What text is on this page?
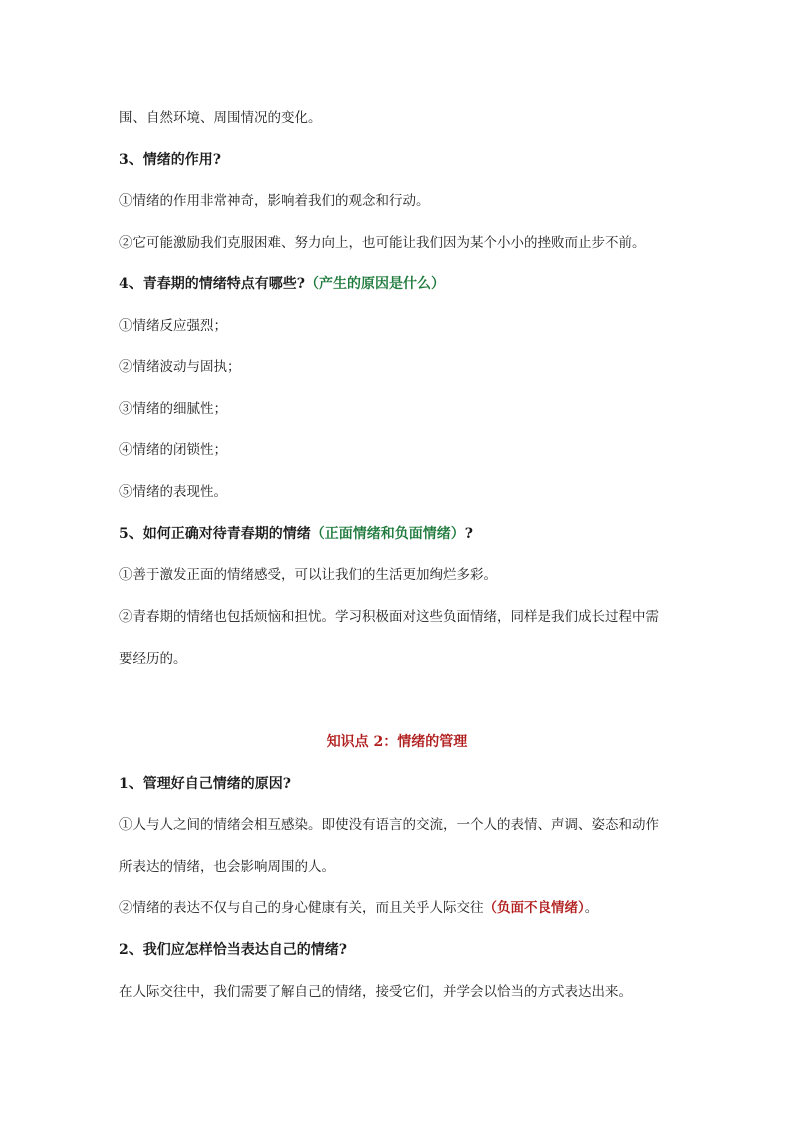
围、自然环境、周围情况的变化。
3、情绪的作用?
①情绪的作用非常神奇，影响着我们的观念和行动。
②它可能激励我们克服困难、努力向上，也可能让我们因为某个小小的挫败而止步不前。
4、青春期的情绪特点有哪些?（产生的原因是什么）
①情绪反应强烈；
②情绪波动与固执；
③情绪的细腻性；
④情绪的闭锁性；
⑤情绪的表现性。
5、如何正确对待青春期的情绪（正面情绪和负面情绪）?
①善于激发正面的情绪感受，可以让我们的生活更加绚烂多彩。
②青春期的情绪也包括烦恼和担忧。学习积极面对这些负面情绪，同样是我们成长过程中需
要经历的。
知识点 2：情绪的管理
1、管理好自己情绪的原因?
①人与人之间的情绪会相互感染。即使没有语言的交流，一个人的表情、声调、姿态和动作
所表达的情绪，也会影响周围的人。
②情绪的表达不仅与自己的身心健康有关，而且关乎人际交往（负面不良情绪）。
2、我们应怎样恰当表达自己的情绪?
在人际交往中，我们需要了解自己的情绪，接受它们，并学会以恰当的方式表达出来。
